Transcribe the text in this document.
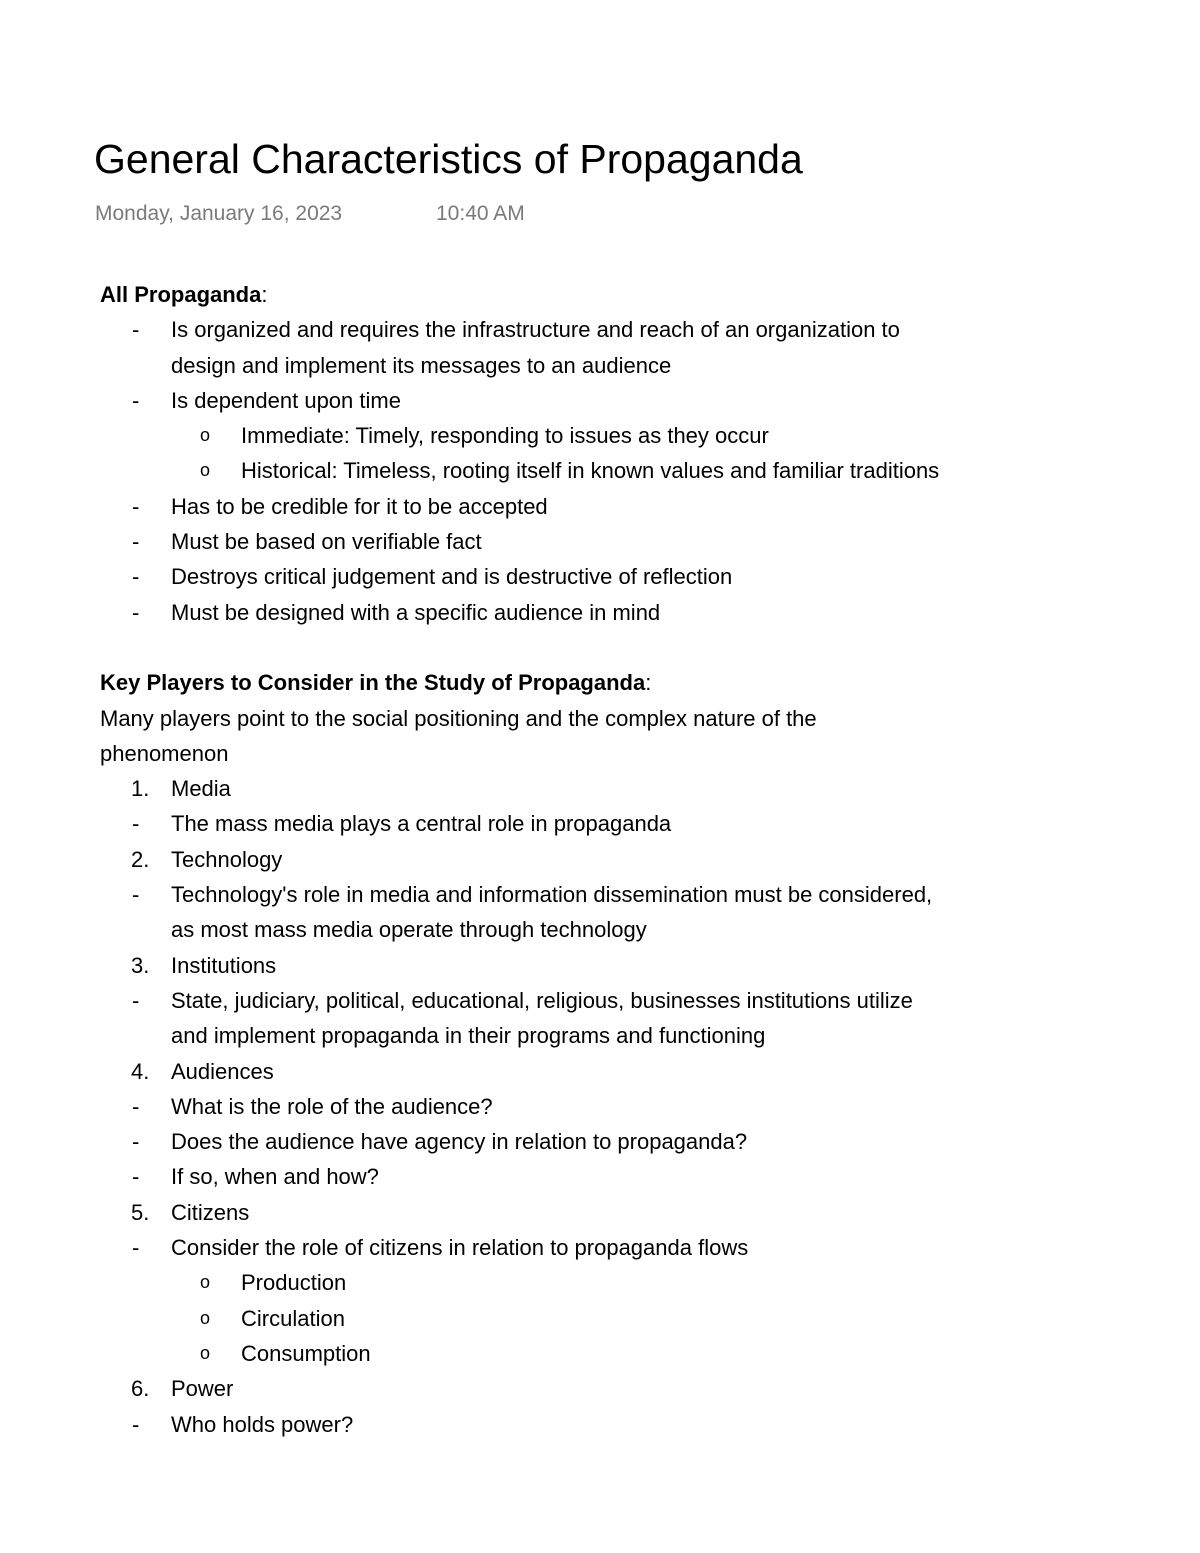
General Characteristics of Propaganda
Monday, January 16, 2023	10:40 AM
All Propaganda:
- Is organized and requires the infrastructure and reach of an organization to
design and implement its messages to an audience
- Is dependent upon time
o Immediate: Timely, responding to issues as they occur
o Historical: Timeless, rooting itself in known values and familiar traditions
- Has to be credible for it to be accepted
- Must be based on verifiable fact
- Destroys critical judgement and is destructive of reflection
- Must be designed with a specific audience in mind
Key Players to Consider in the Study of Propaganda:
Many players point to the social positioning and the complex nature of the
phenomenon
1. Media
- The mass media plays a central role in propaganda
2. Technology
- Technology's role in media and information dissemination must be considered,
as most mass media operate through technology
3. Institutions
- State, judiciary, political, educational, religious, businesses institutions utilize
and implement propaganda in their programs and functioning
4. Audiences
- What is the role of the audience?
- Does the audience have agency in relation to propaganda?
- If so, when and how?
5. Citizens
- Consider the role of citizens in relation to propaganda flows
o Production
o Circulation
o Consumption
6. Power
- Who holds power?
